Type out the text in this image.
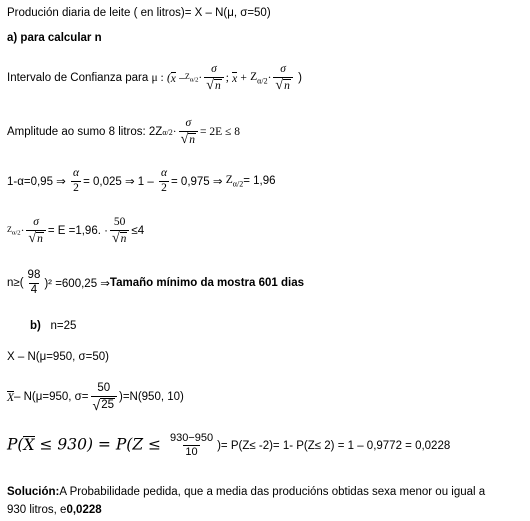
Produción diaria de leite ( en litros)= X – N(μ, σ=50)
a) para calcular n
Intervalo de Confianza para
μ :
( x
– $Z_{\alpha/2} \cdot \frac{\sigma}{√ n}$ ;
x
+
$Z_{\alpha/2} \cdot \frac{\sigma}{√ n}$
)
Amplitude ao sumo 8 litros: 2Z $\alpha/2 \cdot \frac{\sigma}{√ n} = 2E \le 8$
1-α=0,95 ⇒
$\frac{\alpha}{2} = 0,025$ ⇒ 1 –
$\frac{\alpha}{2} = 0,975$ ⇒
$Z_{\alpha/2} = 1,96$
$Z_{\alpha/2} \cdot \frac{\sigma}{√ n} = E =1,96$. · $\frac{50}{√ n} \le 4$
$n\ge( \frac{98}{4} )^2 =600,25$ ⇒ Tamaño mínimo da mostra 601 dias
b)
n=25
X – N(μ=950, σ=50)
X – N(μ=950, $\sigma= \frac{50}{√ 25} )=N(950$, 10)
$P(X \le 930) = P(Z \le \frac{930-950}{10}$ )= P(Z≤ -2)= 1- P(Z≤ 2) = 1 – 0,9772 = 0,0228
Solución: A Probabilidade pedida, que a media das producións obtidas sexa menor ou igual a
930 litros, e 0,0228
